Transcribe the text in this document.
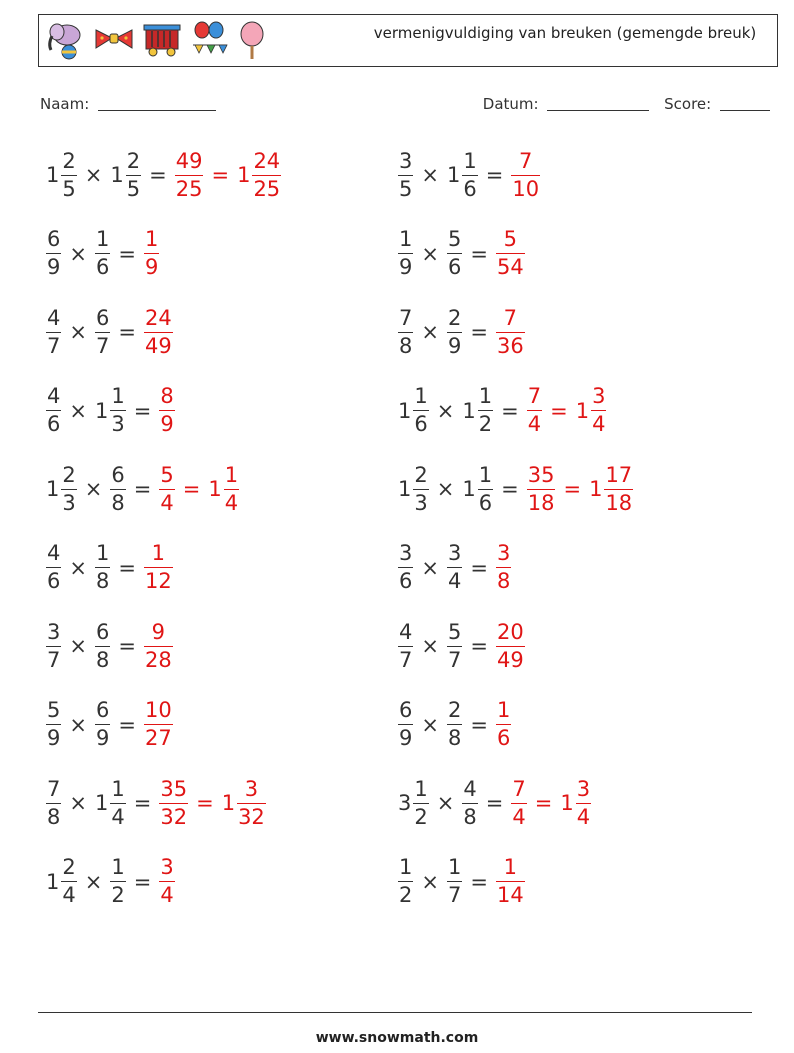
vermenigvuldiging van breuken (gemengde breuk)
Naam:	Datum:	Score:
$1 \frac{2}{5} \times 1 \frac{2}{5} = \frac{49}{25} = 1 \frac{24}{25}$	$\frac{3}{5} \times 1 \frac{1}{6} = \frac{7}{10}$
$\frac{6}{9} \times \frac{1}{6} = \frac{1}{9}$	$\frac{1}{9} \times \frac{5}{6} = \frac{5}{54}$
$\frac{4}{7} \times \frac{6}{7} = \frac{24}{49}$	$\frac{7}{8} \times \frac{2}{9} = \frac{7}{36}$
$\frac{4}{6} \times 1 \frac{1}{3} = \frac{8}{9}$	$1 \frac{1}{6} \times 1 \frac{1}{2} = \frac{7}{4} = 1 \frac{3}{4}$
$1 \frac{2}{3} \times \frac{6}{8} = \frac{5}{4} = 1 \frac{1}{4}$	$1 \frac{2}{3} \times 1 \frac{1}{6} = \frac{35}{18} = 1 \frac{17}{18}$
$\frac{4}{6} \times \frac{1}{8} = \frac{1}{12}$	$\frac{3}{6} \times \frac{3}{4} = \frac{3}{8}$
$\frac{3}{7} \times \frac{6}{8} = \frac{9}{28}$	$\frac{4}{7} \times \frac{5}{7} = \frac{20}{49}$
$\frac{5}{9} \times \frac{6}{9} = \frac{10}{27}$	$\frac{6}{9} \times \frac{2}{8} = \frac{1}{6}$
$\frac{7}{8} \times 1 \frac{1}{4} = \frac{35}{32} = 1 \frac{3}{32}$	$3 \frac{1}{2} \times \frac{4}{8} = \frac{7}{4} = 1 \frac{3}{4}$
$1 \frac{2}{4} \times \frac{1}{2} = \frac{3}{4}$	$\frac{1}{2} \times \frac{1}{7} = \frac{1}{14}$
www.snowmath.com
